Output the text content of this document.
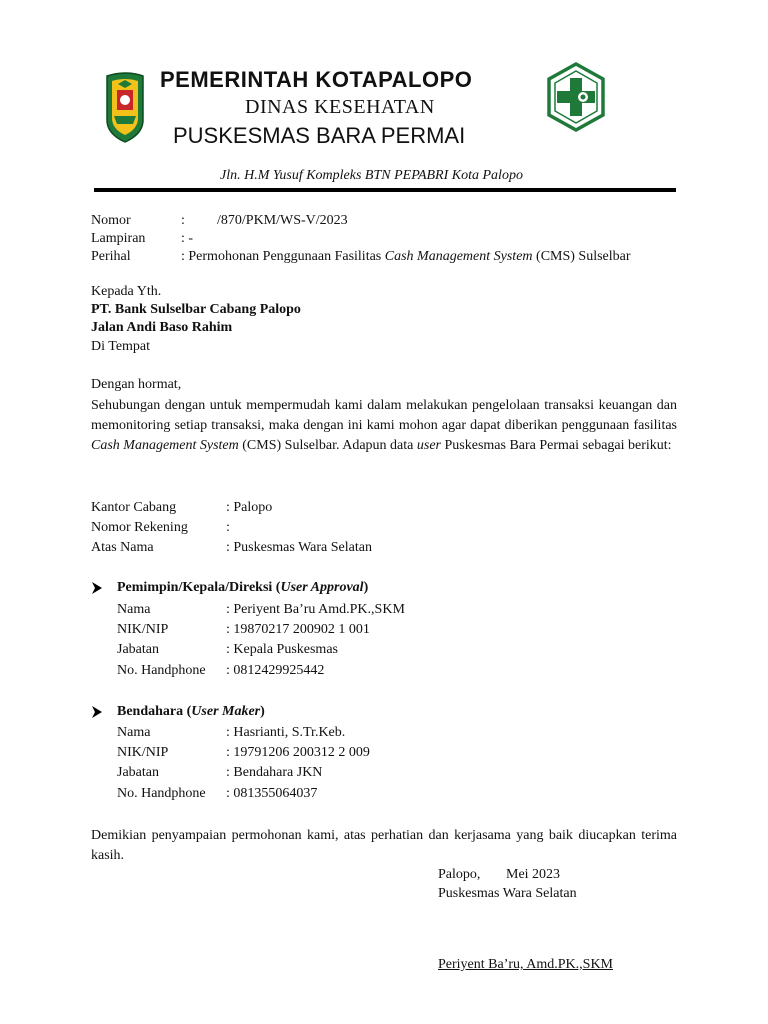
PEMERINTAH KOTAPALOPO
DINAS KESEHATAN
PUSKESMAS BARA PERMAI
Jln. H.M Yusuf Kompleks BTN PEPABRI Kota Palopo
Nomor	: /870/PKM/WS-V/2023
Lampiran	: -
Perihal	: Permohonan Penggunaan Fasilitas Cash Management System (CMS) Sulselbar
Kepada Yth.
PT. Bank Sulselbar Cabang Palopo
Jalan Andi Baso Rahim
Di Tempat
Dengan hormat,
Sehubungan dengan untuk mempermudah kami dalam melakukan pengelolaan transaksi keuangan dan memonitoring setiap transaksi, maka dengan ini kami mohon agar dapat diberikan penggunaan fasilitas Cash Management System (CMS) Sulselbar. Adapun data user Puskesmas Bara Permai sebagai berikut:
Kantor Cabang	: Palopo
Nomor Rekening	:
Atas Nama	: Puskesmas Wara Selatan
Pemimpin/Kepala/Direksi (User Approval)
Nama	: Periyent Ba’ru Amd.PK.,SKM
NIK/NIP	: 19870217 200902 1 001
Jabatan	: Kepala Puskesmas
No. Handphone : 0812429925442
Bendahara (User Maker)
Nama	: Hasrianti, S.Tr.Keb.
NIK/NIP	: 19791206 200312 2 009
Jabatan	: Bendahara JKN
No. Handphone : 081355064037
Demikian penyampaian permohonan kami, atas perhatian dan kerjasama yang baik diucapkan terima kasih.
Palopo, Mei 2023
Puskesmas Wara Selatan
Periyent Ba’ru, Amd.PK.,SKM
